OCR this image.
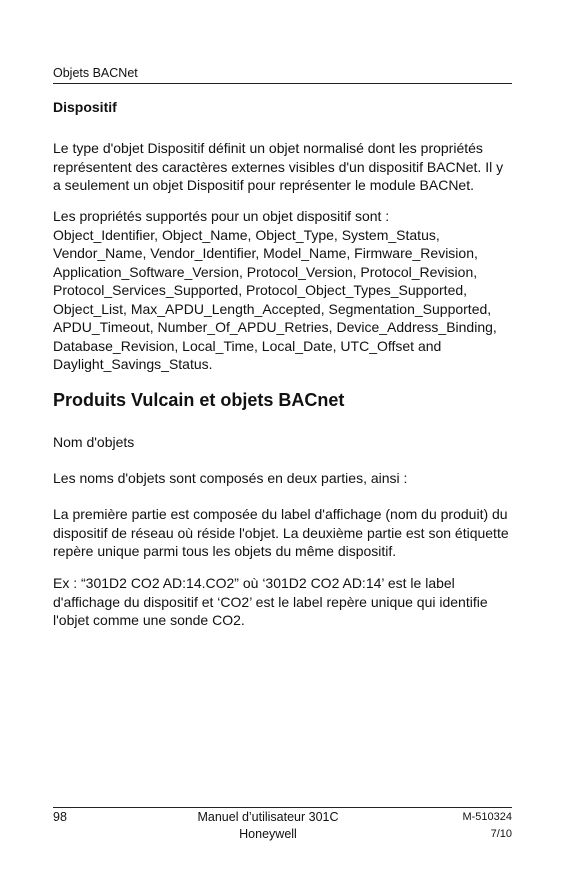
Objets BACNet
Dispositif

Le type d'objet Dispositif définit un objet normalisé dont les propriétés représentent des caractères externes visibles d'un dispositif BACNet. Il y a seulement un objet Dispositif pour représenter le module BACNet.

Les propriétés supportés pour un objet dispositif sont :
Object_Identifier, Object_Name, Object_Type, System_Status, Vendor_Name, Vendor_Identifier, Model_Name, Firmware_Revision, Application_Software_Version, Protocol_Version, Protocol_Revision, Protocol_Services_Supported, Protocol_Object_Types_Supported, Object_List, Max_APDU_Length_Accepted, Segmentation_Supported, APDU_Timeout, Number_Of_APDU_Retries, Device_Address_Binding, Database_Revision, Local_Time, Local_Date, UTC_Offset and Daylight_Savings_Status.
Produits Vulcain et objets BACnet

Nom d'objets

Les noms d'objets sont composés en deux parties, ainsi :

La première partie est composée du label d'affichage (nom du produit) du dispositif de réseau où réside l'objet. La deuxième partie est son étiquette repère unique parmi tous les objets du même dispositif.

Ex : “301D2 CO2 AD:14.CO2” où ‘301D2 CO2 AD:14’ est le label d'affichage du dispositif et ‘CO2’ est le label repère unique qui identifie l'objet comme une sonde CO2.

98	Manuel d’utilisateur 301C
Honeywell
M-510324
7/10
